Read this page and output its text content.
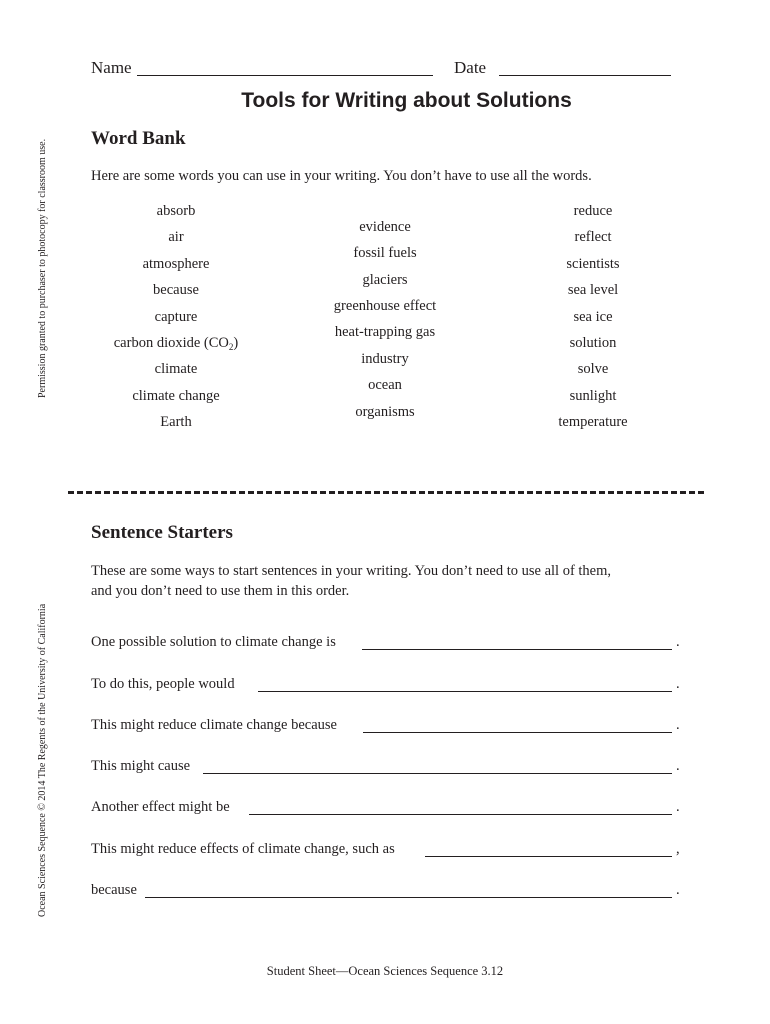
Permission granted to purchaser to photocopy for classroom use.
Ocean Sciences Sequence © 2014 The Regents of the University of California
Name	Date
Tools for Writing about Solutions
Word Bank
Here are some words you can use in your writing. You don’t have to use all the words.
absorb
air
atmosphere
because
capture
carbon dioxide $(CO_2)$
climate
climate change
Earth
evidence
fossil fuels
glaciers
greenhouse effect
heat-trapping gas
industry
ocean
organisms
reduce
reflect
scientists
sea level
sea ice
solution
solve
sunlight
temperature
Sentence Starters
These are some ways to start sentences in your writing. You don’t need to use all of them,
and you don’t need to use them in this order.
One possible solution to climate change is	.
To do this, people would	.
This might reduce climate change because	.
This might cause	.
Another effect might be	.
This might reduce effects of climate change, such as	,
because	.
Student Sheet—Ocean Sciences Sequence 3.12
